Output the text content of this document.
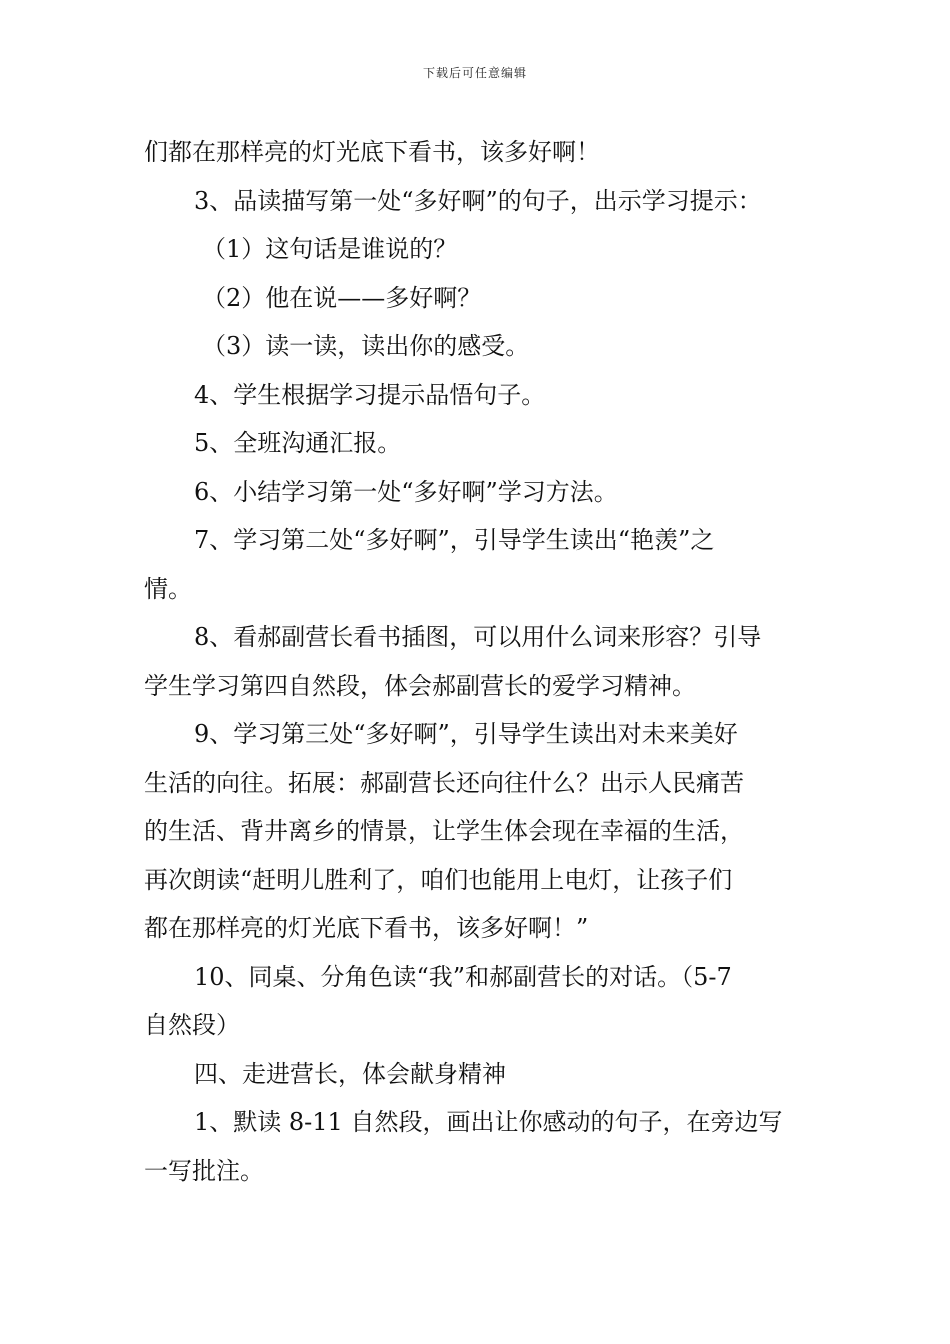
下载后可任意编辑

们都在那样亮的灯光底下看书，该多好啊！

3、品读描写第一处“多好啊”的句子，出示学习提示：

（1）这句话是谁说的？

（2）他在说——多好啊？

（3）读一读，读出你的感受。

4、学生根据学习提示品悟句子。

5、全班沟通汇报。

6、小结学习第一处“多好啊”学习方法。

7、学习第二处“多好啊”，引导学生读出“艳羡”之

情。

8、看郝副营长看书插图，可以用什么词来形容？引导

学生学习第四自然段，体会郝副营长的爱学习精神。

9、学习第三处“多好啊”，引导学生读出对未来美好

生活的向往。拓展：郝副营长还向往什么？出示人民痛苦

的生活、背井离乡的情景，让学生体会现在幸福的生活，

再次朗读“赶明儿胜利了，咱们也能用上电灯，让孩子们

都在那样亮的灯光底下看书，该多好啊！”

10、同桌、分角色读“我”和郝副营长的对话。（5-7

自然段）

四、走进营长，体会献身精神

1、默读 8-11 自然段，画出让你感动的句子，在旁边写

一写批注。
